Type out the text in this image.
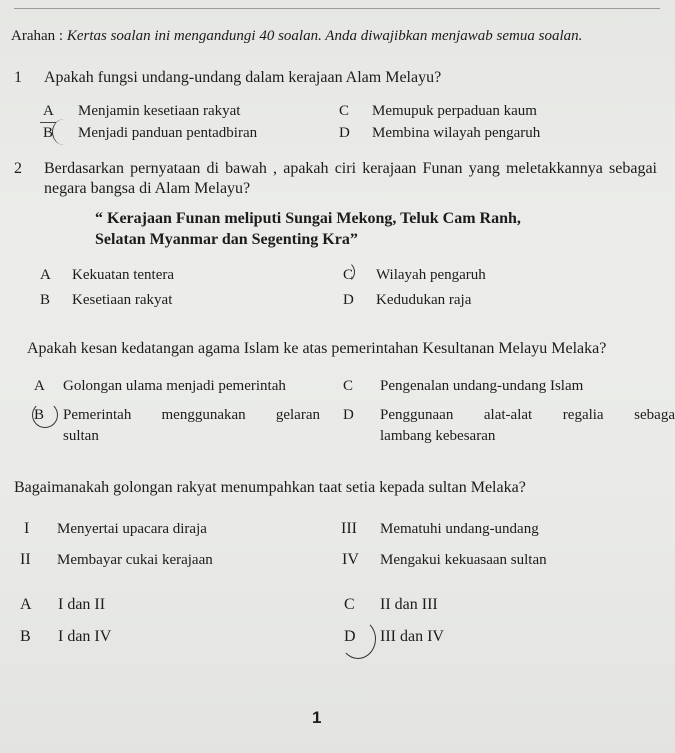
Arahan : Kertas soalan ini mengandungi 40 soalan. Anda diwajibkan menjawab semua soalan.
1 Apakah fungsi undang-undang dalam kerajaan Alam Melayu?
A Menjamin kesetiaan rakyat
B Menjadi panduan pentadbiran
C Memupuk perpaduan kaum
D Membina wilayah pengaruh
2 Berdasarkan pernyataan di bawah , apakah ciri kerajaan Funan yang meletakkannya sebagai
negara bangsa di Alam Melayu?
“ Kerajaan Funan meliputi Sungai Mekong, Teluk Cam Ranh,
Selatan Myanmar dan Segenting Kra”
A Kekuatan tentera
B Kesetiaan rakyat
C Wilayah pengaruh
D Kedudukan raja
Apakah kesan kedatangan agama Islam ke atas pemerintahan Kesultanan Melayu Melaka?
A Golongan ulama menjadi pemerintah
B Pemerintah menggunakan gelaran
sultan
C Pengenalan undang-undang Islam
D Penggunaan alat-alat regalia sebaga
lambang kebesaran
Bagaimanakah golongan rakyat menumpahkan taat setia kepada sultan Melaka?
I Menyertai upacara diraja
II Membayar cukai kerajaan
III Mematuhi undang-undang
IV Mengakui kekuasaan sultan
A I dan II
B I dan IV
C II dan III
D III dan IV
1
